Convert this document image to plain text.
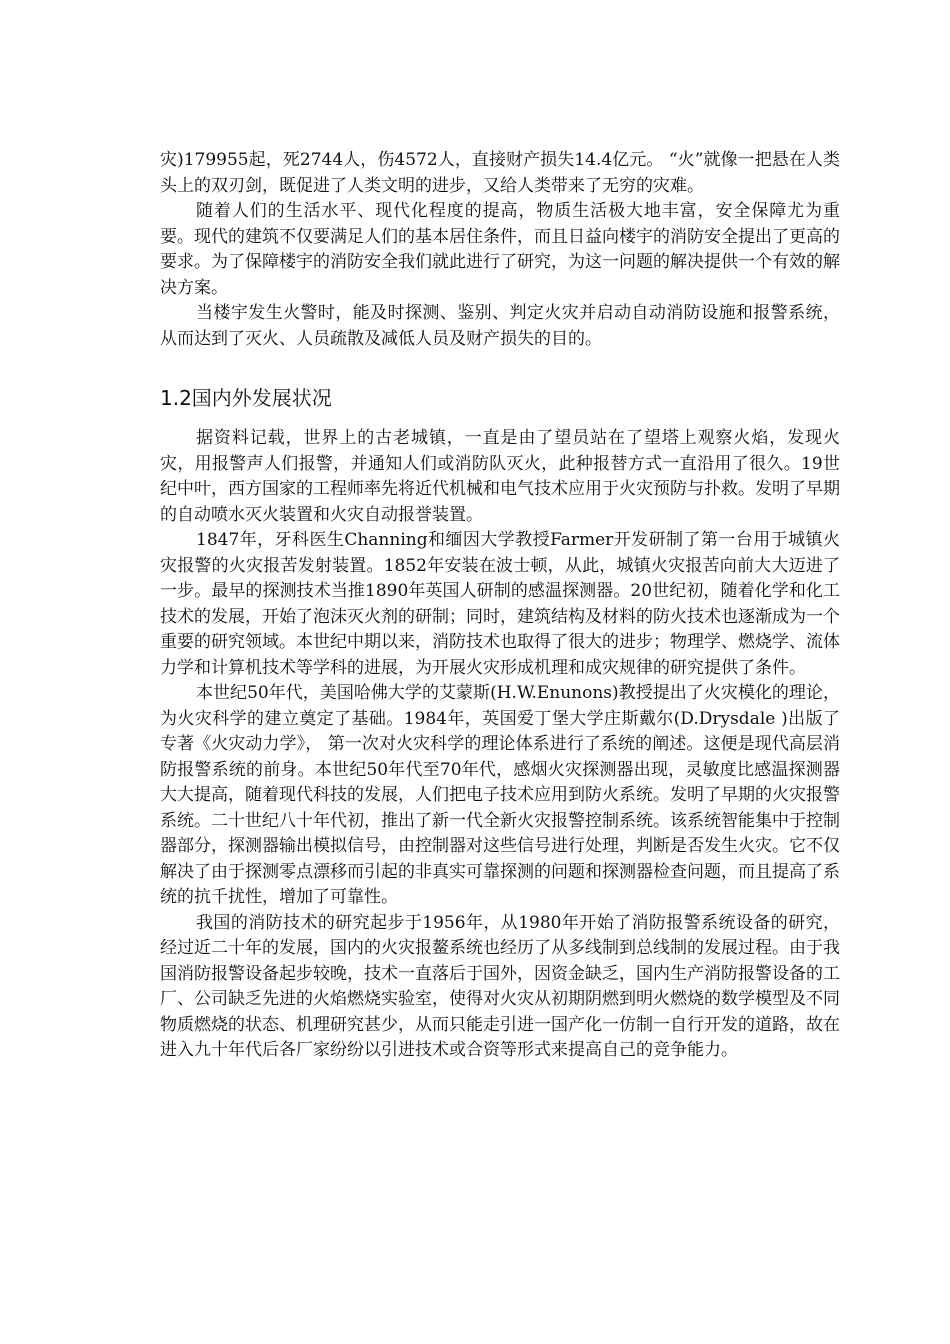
灾)179955起，死2744人，伤4572人，直接财产损失14.4亿元。 “火”就像一把悬在人类头上的双刃剑，既促进了人类文明的进步，又给人类带来了无穷的灾难。

随着人们的生活水平、现代化程度的提高，物质生活极大地丰富，安全保障尤为重要。现代的建筑不仅要满足人们的基本居住条件，而且日益向楼宇的消防安全提出了更高的要求。为了保障楼宇的消防安全我们就此进行了研究，为这一问题的解决提供一个有效的解决方案。

当楼宇发生火警时，能及时探测、鉴别、判定火灾并启动自动消防设施和报警系统，从而达到了灭火、人员疏散及减低人员及财产损失的目的。

1.2国内外发展状况

据资料记载，世界上的古老城镇，一直是由了望员站在了望塔上观察火焰，发现火灾，用报警声人们报警，并通知人们或消防队灭火，此种报替方式一直沿用了很久。19世纪中叶，西方国家的工程师率先将近代机械和电气技术应用于火灾预防与扑救。发明了早期的自动喷水灭火装置和火灾自动报誉装置。

1847年，牙科医生Channing和缅因大学教授Farmer开发研制了第一台用于城镇火灾报警的火灾报苦发射装置。1852年安装在波士顿，从此，城镇火灾报苦向前大大迈进了一步。最早的探测技术当推1890年英国人研制的感温探测器。20世纪初，随着化学和化工技术的发展，开始了泡沫灭火剂的研制；同时，建筑结构及材料的防火技术也逐渐成为一个重要的研究领域。本世纪中期以来，消防技术也取得了很大的进步；物理学、燃烧学、流体力学和计算机技术等学科的进展，为开展火灾形成机理和成灾规律的研究提供了条件。

本世纪50年代，美国哈佛大学的艾蒙斯(H.W.Enunons)教授提出了火灾模化的理论，为火灾科学的建立奠定了基础。1984年，英国爱丁堡大学庄斯戴尔(D.Drysdale )出版了专著《火灾动力学》， 第一次对火灾科学的理论体系进行了系统的阐述。这便是现代高层消防报警系统的前身。本世纪50年代至70年代，感烟火灾探测器出现，灵敏度比感温探测器大大提高，随着现代科技的发展，人们把电子技术应用到防火系统。发明了早期的火灾报警系统。二十世纪八十年代初，推出了新一代全新火灾报警控制系统。该系统智能集中于控制器部分，探测器输出模拟信号，由控制器对这些信号进行处理，判断是否发生火灾。它不仅解决了由于探测零点漂移而引起的非真实可靠探测的问题和探测器检查问题，而且提高了系统的抗千扰性，增加了可靠性。

我国的消防技术的研究起步于1956年，从1980年开始了消防报警系统设备的研究，经过近二十年的发展，国内的火灾报鳌系统也经历了从多线制到总线制的发展过程。由于我国消防报警设备起步较晚，技术一直落后于国外，因资金缺乏，国内生产消防报警设备的工厂、公司缺乏先进的火焰燃烧实验室，使得对火灾从初期阴燃到明火燃烧的数学模型及不同物质燃烧的状态、机理研究甚少，从而只能走引进一国产化一仿制一自行开发的道路，故在进入九十年代后各厂家纷纷以引进技术或合资等形式来提高自己的竞争能力。
